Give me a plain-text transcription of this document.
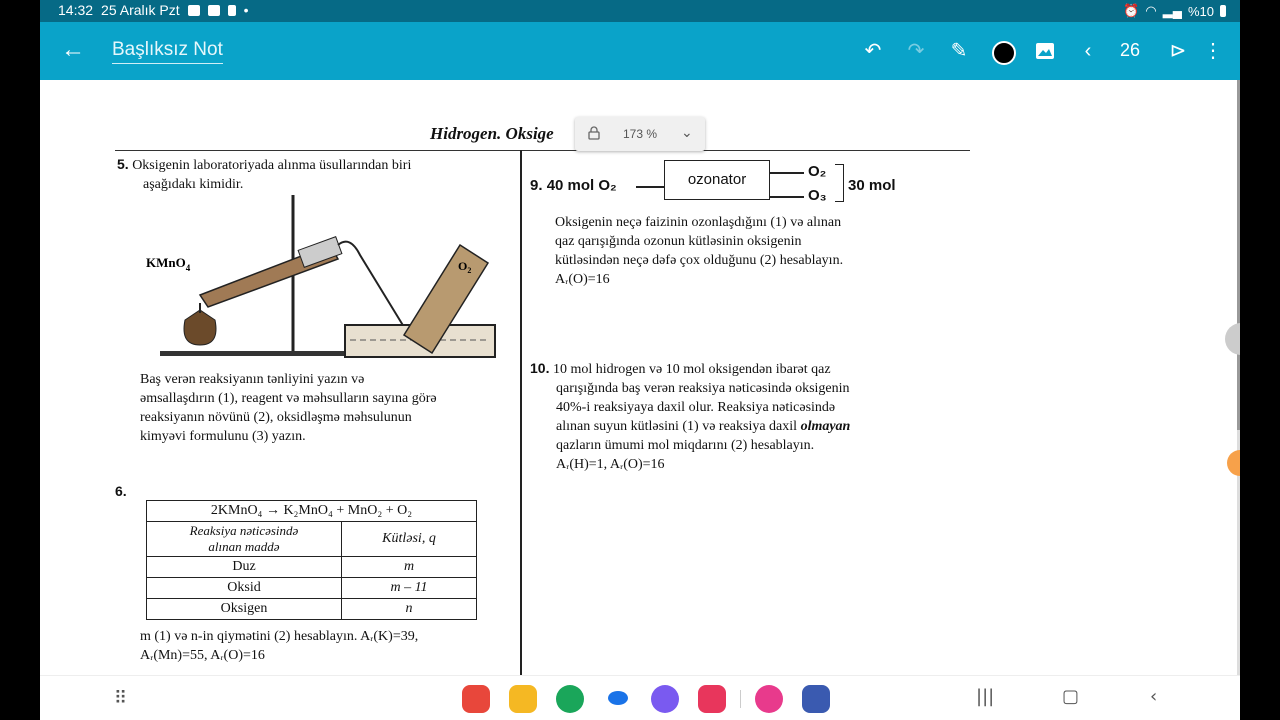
14:32 25 Aralık Pzt	•	⏰ ◠ ▂▄ %10
← Başlıksız Not	↶	↷	✎	‹	26	⊳ ⋮
Hidrogen. Oksige
5. Oksigenin laboratoriyada alınma üsullarından biri
aşağıdakı kimidir.
KMnO$_4$	$O_2$
Baş verən reaksiyanın tənliyini yazın və
əmsallaşdırın (1), reagent və məhsulların sayına görə
reaksiyanın növünü (2), oksidləşmə məhsulunun
kimyəvi formulunu (3) yazın.
6.
2KMnO₄ → K₂MnO₄ + MnO₂ + O₂	
Reaksiya nəticəsində
alınan maddə	Kütləsi, q
Duz	m
Oksid	m – 11
Oksigen	n
m (1) və n-in qiymətini (2) hesablayın. Aᵣ(K)=39,
Aᵣ(Mn)=55, Aᵣ(O)=16
9. 40 mol O₂	ozonator	O₂
O₃
30 mol
Oksigenin neçə faizinin ozonlaşdığını (1) və alınan
qaz qarışığında ozonun kütləsinin oksigenin
kütləsindən neçə dəfə çox olduğunu (2) hesablayın.
Aᵣ(O)=16
10. 10 mol hidrogen və 10 mol oksigendən ibarət qaz
qarışığında baş verən reaksiya nəticəsində oksigenin
40%-i reaksiyaya daxil olur. Reaksiya nəticəsində
alınan suyun kütləsini (1) və reaksiya daxil olmayan
qazların ümumi mol miqdarını (2) hesablayın.
Aᵣ(H)=1, Aᵣ(O)=16
173 % ⌄
⠿	|||	▢	‹
